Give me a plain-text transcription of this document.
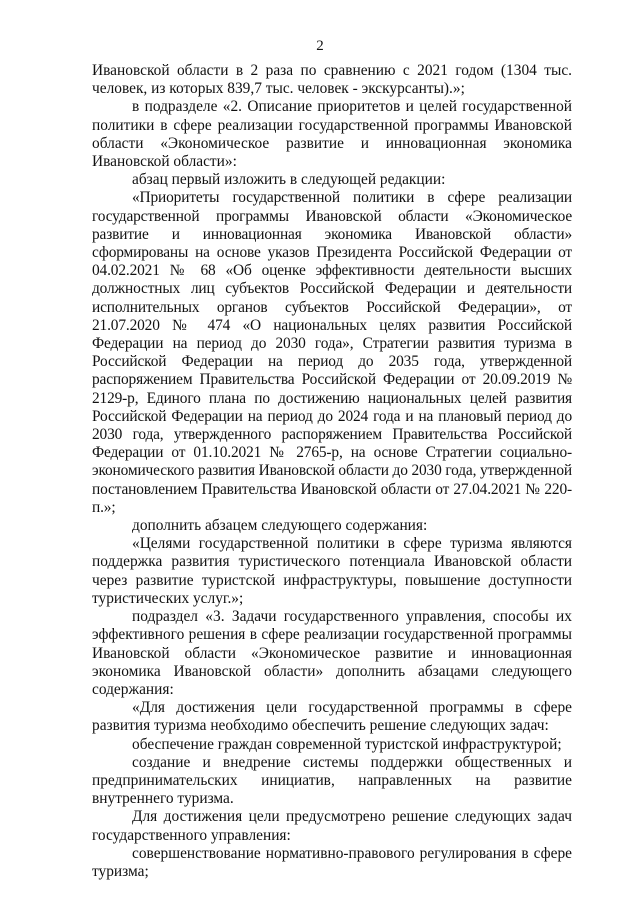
2

Ивановской области в 2 раза по сравнению с 2021 годом (1304 тыс. человек, из которых 839,7 тыс. человек - экскурсанты).»;

в подразделе «2. Описание приоритетов и целей государственной политики в сфере реализации государственной программы Ивановской области «Экономическое развитие и инновационная экономика Ивановской области»:

абзац первый изложить в следующей редакции:

«Приоритеты государственной политики в сфере реализации государственной программы Ивановской области «Экономическое развитие и инновационная экономика Ивановской области» сформированы на основе указов Президента Российской Федерации от 04.02.2021 № 68 «Об оценке эффективности деятельности высших должностных лиц субъектов Российской Федерации и деятельности исполнительных органов субъектов Российской Федерации», от 21.07.2020 № 474 «О национальных целях развития Российской Федерации на период до 2030 года», Стратегии развития туризма в Российской Федерации на период до 2035 года, утвержденной распоряжением Правительства Российской Федерации от 20.09.2019 № 2129-р, Единого плана по достижению национальных целей развития Российской Федерации на период до 2024 года и на плановый период до 2030 года, утвержденного распоряжением Правительства Российской Федерации от 01.10.2021 № 2765-р, на основе Стратегии социально-экономического развития Ивановской области до 2030 года, утвержденной постановлением Правительства Ивановской области от 27.04.2021 № 220-п.»;

дополнить абзацем следующего содержания:

«Целями государственной политики в сфере туризма являются поддержка развития туристического потенциала Ивановской области через развитие туристской инфраструктуры, повышение доступности туристических услуг.»;

подраздел «3. Задачи государственного управления, способы их эффективного решения в сфере реализации государственной программы Ивановской области «Экономическое развитие и инновационная экономика Ивановской области» дополнить абзацами следующего содержания:

«Для достижения цели государственной программы в сфере развития туризма необходимо обеспечить решение следующих задач:

обеспечение граждан современной туристской инфраструктурой;

создание и внедрение системы поддержки общественных и предпринимательских инициатив, направленных на развитие внутреннего туризма.

Для достижения цели предусмотрено решение следующих задач государственного управления:

совершенствование нормативно-правового регулирования в сфере туризма;
